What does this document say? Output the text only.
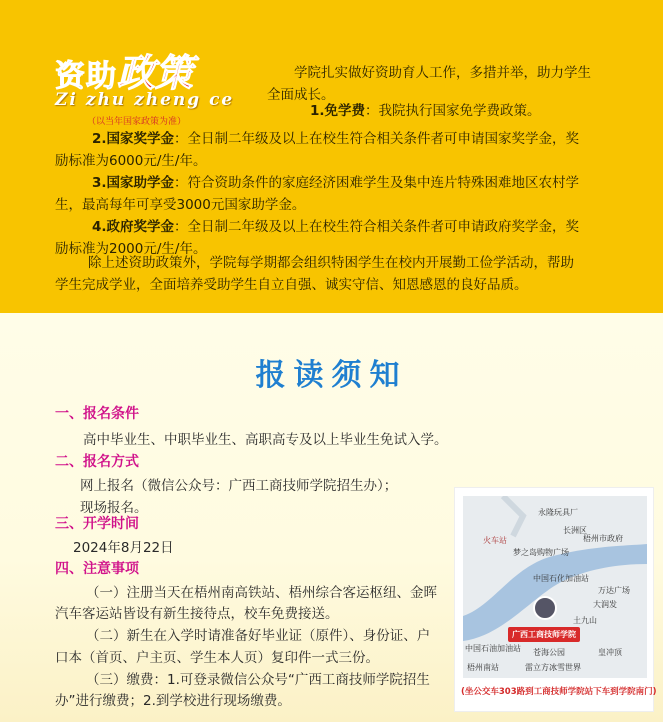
资助政策
Zi zhu zheng ce
（以当年国家政策为准）
学院扎实做好资助育人工作，多措并举，助力学生
全面成长。
1.免学费：我院执行国家免学费政策。
2.国家奖学金：全日制二年级及以上在校生符合相关条件者可申请国家奖学金，奖
励标准为6000元/生/年。
3.国家助学金：符合资助条件的家庭经济困难学生及集中连片特殊困难地区农村学
生，最高每年可享受3000元国家助学金。
4.政府奖学金：全日制二年级及以上在校生符合相关条件者可申请政府奖学金，奖
励标准为2000元/生/年。
除上述资助政策外，学院每学期都会组织特困学生在校内开展勤工俭学活动，帮助
学生完成学业，全面培养受助学生自立自强、诚实守信、知恩感恩的良好品质。
报读须知
一、报名条件
高中毕业生、中职毕业生、高职高专及以上毕业生免试入学。
二、报名方式
网上报名（微信公众号：广西工商技师学院招生办）；
现场报名。
三、开学时间
2024年8月22日
四、注意事项
（一）注册当天在梧州南高铁站、梧州综合客运枢纽、金晖
汽车客运站皆设有新生接待点，校车免费接送。
（二）新生在入学时请准备好毕业证（原件）、身份证、户
口本（首页、户主页、学生本人页）复印件一式三份。
（三）缴费：1.可登录微信公众号“广西工商技师学院招生
办”进行缴费；2.到学校进行现场缴费。
永隆玩具厂
长洲区
火车站
梦之岛购物广场
梧州市政府
中国石化加油站
万达广场
大润发
土九山
苍海公园	皇冲顶
梧州南站	雷立方冰雪世界
中国石油加油站
广西工商技师学院
(坐公交车303路到工商技师学院站下车到学院南门)
